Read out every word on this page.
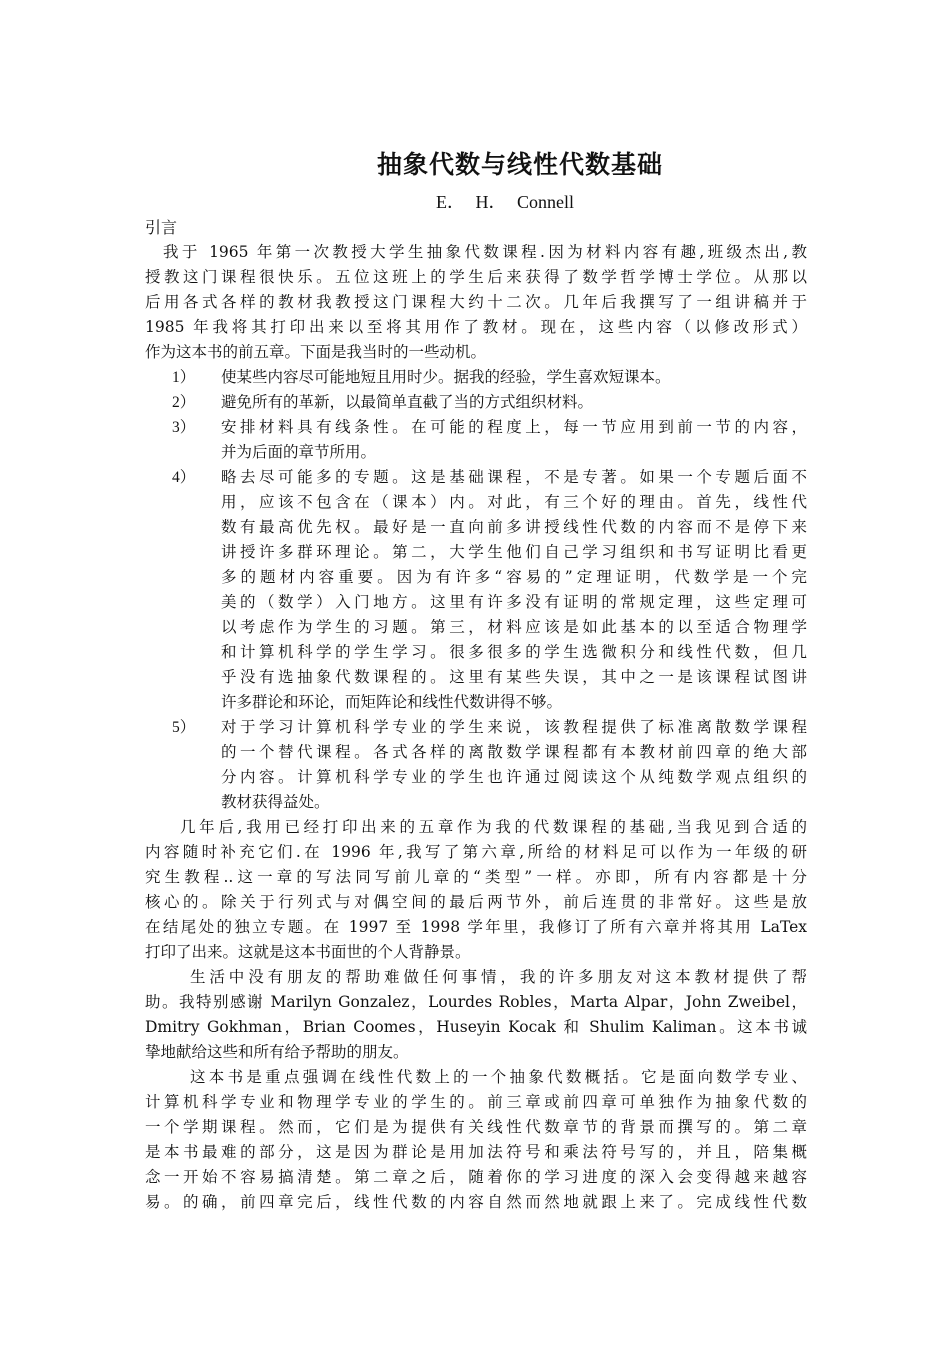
抽象代数与线性代数基础
E． H． Connell
引言
我于 1965 年第一次教授大学生抽象代数课程.因为材料内容有趣,班级杰出,教
授教这门课程很快乐。五位这班上的学生后来获得了数学哲学博士学位。从那以
后用各式各样的教材我教授这门课程大约十二次。几年后我撰写了一组讲稿并于
1985 年我将其打印出来以至将其用作了教材。现在，这些内容（以修改形式）
作为这本书的前五章。下面是我当时的一些动机。
1） 使某些内容尽可能地短且用时少。据我的经验，学生喜欢短课本。
2） 避免所有的革新，以最简单直截了当的方式组织材料。
3） 安排材料具有线条性。在可能的程度上，每一节应用到前一节的内容，
并为后面的章节所用。
4） 略去尽可能多的专题。这是基础课程，不是专著。如果一个专题后面不
用，应该不包含在（课本）内。对此，有三个好的理由。首先，线性代
数有最高优先权。最好是一直向前多讲授线性代数的内容而不是停下来
讲授许多群环理论。第二，大学生他们自己学习组织和书写证明比看更
多的题材内容重要。因为有许多“容易的”定理证明，代数学是一个完
美的（数学）入门地方。这里有许多没有证明的常规定理，这些定理可
以考虑作为学生的习题。第三，材料应该是如此基本的以至适合物理学
和计算机科学的学生学习。很多很多的学生选微积分和线性代数，但几
乎没有选抽象代数课程的。这里有某些失误，其中之一是该课程试图讲
许多群论和环论，而矩阵论和线性代数讲得不够。
5） 对于学习计算机科学专业的学生来说，该教程提供了标准离散数学课程
的一个替代课程。各式各样的离散数学课程都有本教材前四章的绝大部
分内容。计算机科学专业的学生也许通过阅读这个从纯数学观点组织的
教材获得益处。
几年后,我用已经打印出来的五章作为我的代数课程的基础,当我见到合适的
内容随时补充它们.在 1996 年,我写了第六章,所给的材料足可以作为一年级的研
究生教程..这一章的写法同写前儿章的“类型”一样。亦即，所有内容都是十分
核心的。除关于行列式与对偶空间的最后两节外，前后连贯的非常好。这些是放
在结尾处的独立专题。在 1997 至 1998 学年里，我修订了所有六章并将其用 LaTex
打印了出来。这就是这本书面世的个人背静景。
生活中没有朋友的帮助难做任何事情，我的许多朋友对这本教材提供了帮
助。我特别感谢 Marilyn Gonzalez，Lourdes Robles，Marta Alpar，John Zweibel，
Dmitry Gokhman，Brian Coomes，Huseyin Kocak 和 Shulim Kaliman。这本书诚
挚地献给这些和所有给予帮助的朋友。
这本书是重点强调在线性代数上的一个抽象代数概括。它是面向数学专业、
计算机科学专业和物理学专业的学生的。前三章或前四章可单独作为抽象代数的
一个学期课程。然而，它们是为提供有关线性代数章节的背景而撰写的。第二章
是本书最难的部分，这是因为群论是用加法符号和乘法符号写的，并且，陪集概
念一开始不容易搞清楚。第二章之后，随着你的学习进度的深入会变得越来越容
易。的确，前四章完后，线性代数的内容自然而然地就跟上来了。完成线性代数
